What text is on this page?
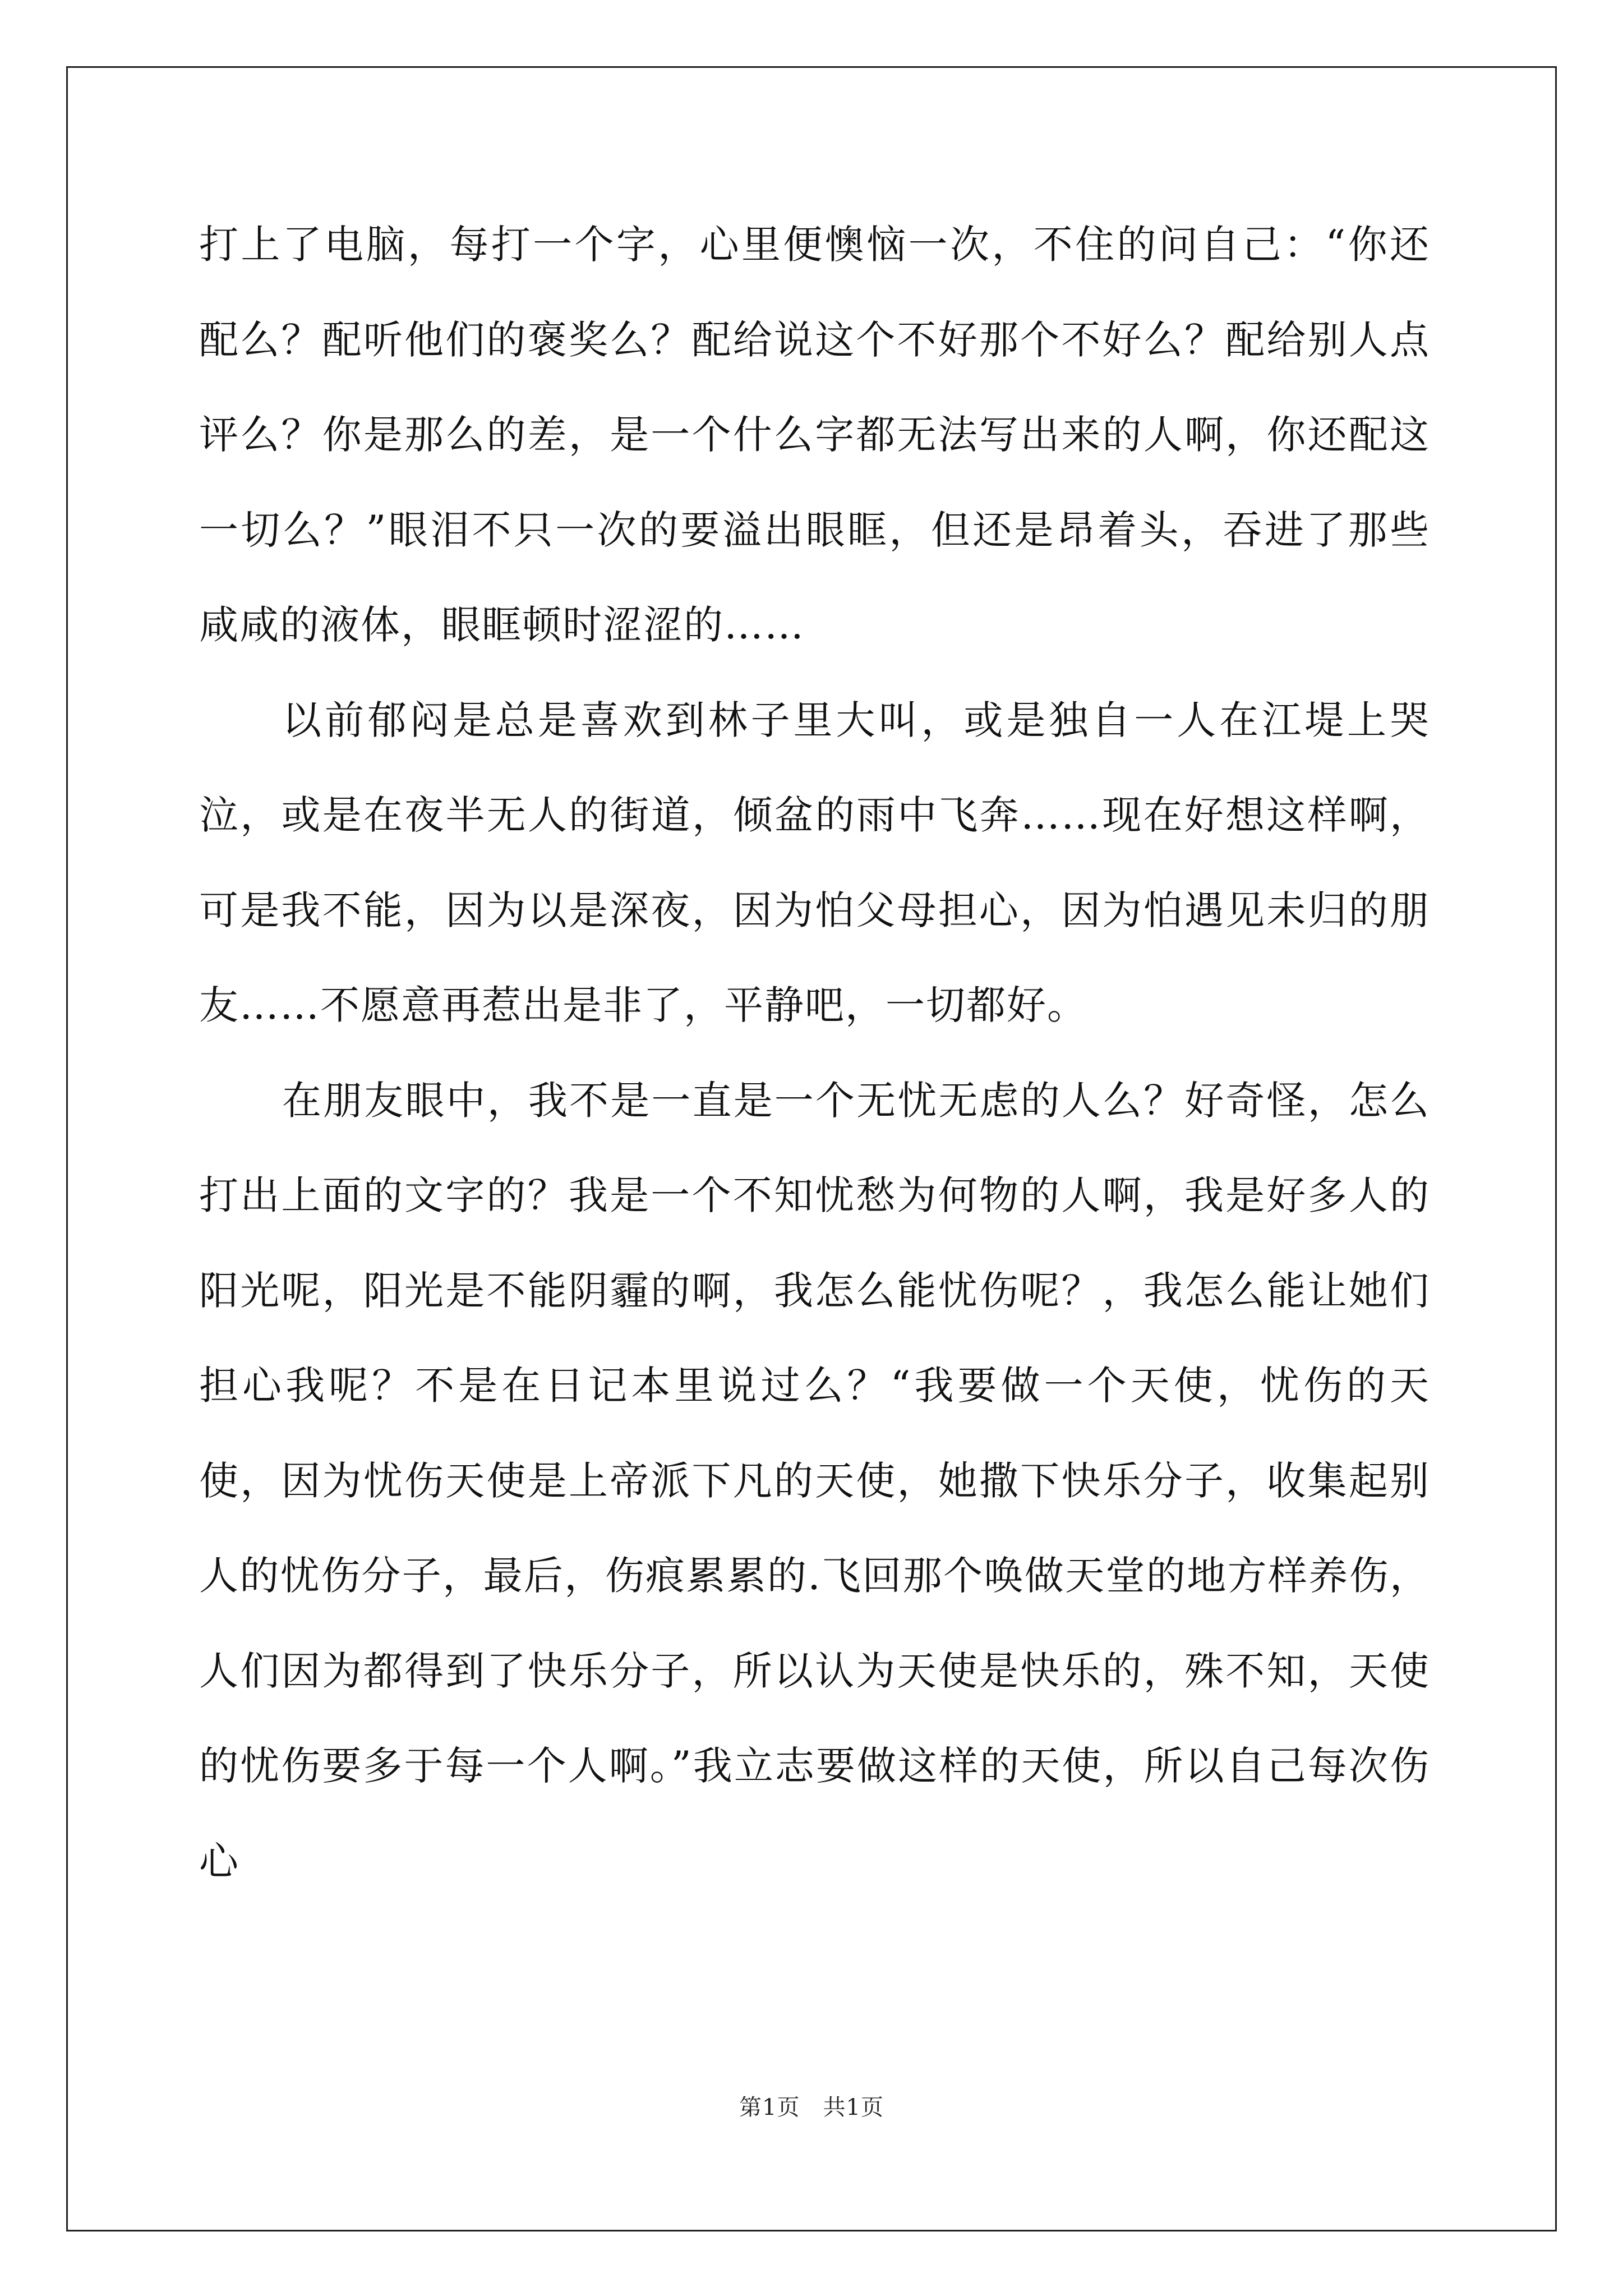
打上了电脑，每打一个字，心里便懊恼一次，不住的问自己：“你还配么？配听他们的褒奖么？配给说这个不好那个不好么？配给别人点评么？你是那么的差，是一个什么字都无法写出来的人啊，你还配这一切么？”眼泪不只一次的要溢出眼眶，但还是昂着头，吞进了那些咸咸的液体，眼眶顿时涩涩的……

以前郁闷是总是喜欢到林子里大叫，或是独自一人在江堤上哭泣，或是在夜半无人的街道，倾盆的雨中飞奔……现在好想这样啊，可是我不能，因为以是深夜，因为怕父母担心，因为怕遇见未归的朋友……不愿意再惹出是非了，平静吧，一切都好。

在朋友眼中，我不是一直是一个无忧无虑的人么？好奇怪，怎么打出上面的文字的？我是一个不知忧愁为何物的人啊，我是好多人的阳光呢，阳光是不能阴霾的啊，我怎么能忧伤呢？，我怎么能让她们担心我呢？不是在日记本里说过么？“我要做一个天使，忧伤的天使，因为忧伤天使是上帝派下凡的天使，她撒下快乐分子，收集起别人的忧伤分子，最后，伤痕累累的.飞回那个唤做天堂的地方样养伤，人们因为都得到了快乐分子，所以认为天使是快乐的，殊不知，天使的忧伤要多于每一个人啊。”我立志要做这样的天使，所以自己每次伤心

第1页　共1页
